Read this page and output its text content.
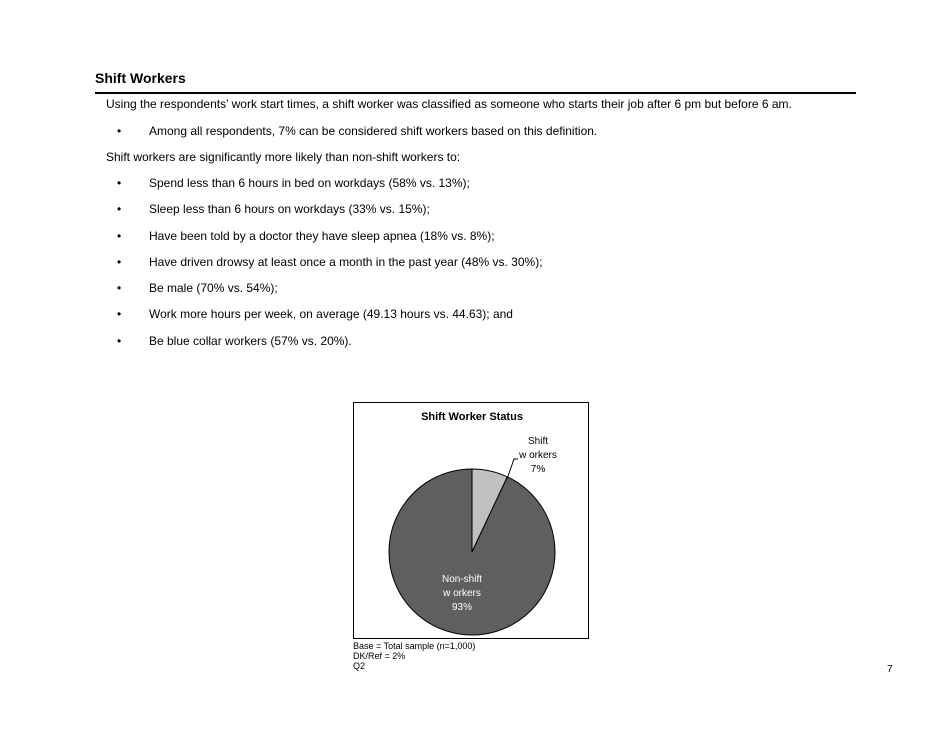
Shift Workers
Using the respondents’ work start times, a shift worker was classified as someone who starts their job after 6 pm but before 6 am.
• Among all respondents, 7% can be considered shift workers based on this definition.
Shift workers are significantly more likely than non-shift workers to:
• Spend less than 6 hours in bed on workdays (58% vs. 13%);
• Sleep less than 6 hours on workdays (33% vs. 15%);
• Have been told by a doctor they have sleep apnea (18% vs. 8%);
• Have driven drowsy at least once a month in the past year (48% vs. 30%);
• Be male (70% vs. 54%);
• Work more hours per week, on average (49.13 hours vs. 44.63); and
• Be blue collar workers (57% vs. 20%).
Shift Worker Status
Shift
w orkers
7%
Non-shift
w orkers
93%
Base = Total sample (n=1,000)
DK/Ref = 2%
Q2	7
